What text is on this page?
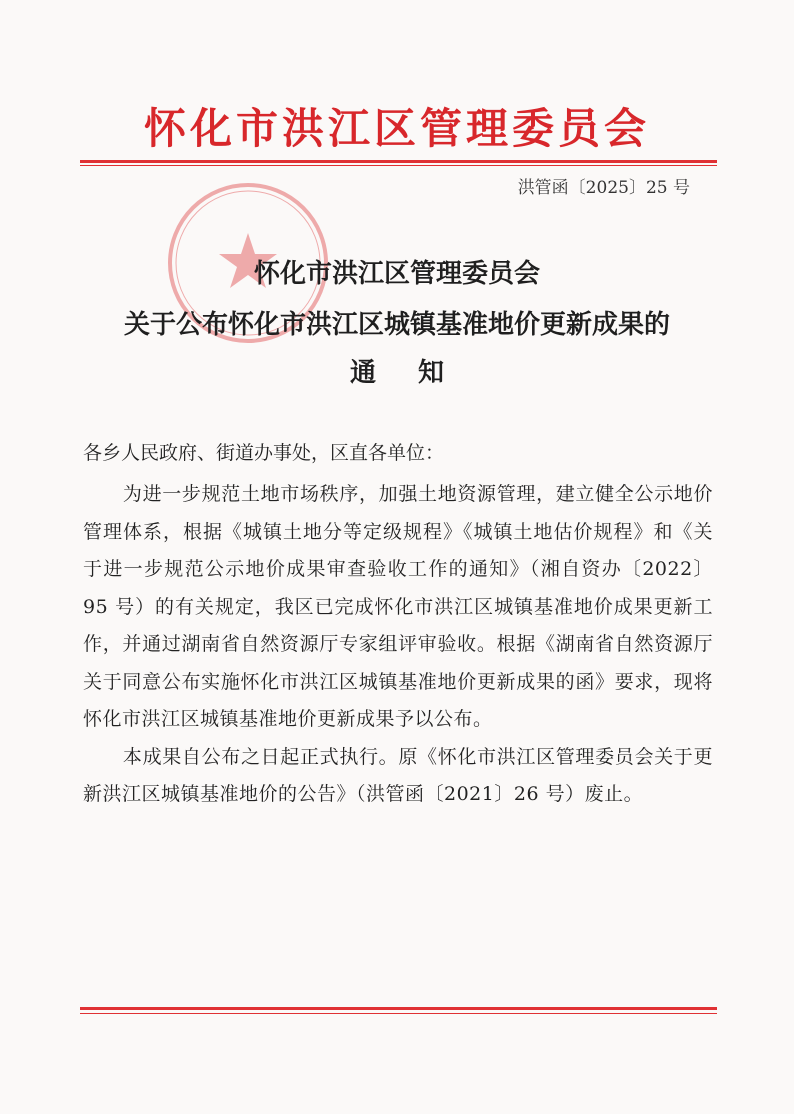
怀化市洪江区管理委员会
洪管函〔2025〕25 号
怀化市洪江区管理委员会
关于公布怀化市洪江区城镇基准地价更新成果的
通知
各乡人民政府、街道办事处，区直各单位：

为进一步规范土地市场秩序，加强土地资源管理，建立健全公示地价管理体系，根据《城镇土地分等定级规程》《城镇土地估价规程》和《关于进一步规范公示地价成果审查验收工作的通知》（湘自资办〔2022〕95 号）的有关规定，我区已完成怀化市洪江区城镇基准地价成果更新工作，并通过湖南省自然资源厅专家组评审验收。根据《湖南省自然资源厅关于同意公布实施怀化市洪江区城镇基准地价更新成果的函》要求，现将怀化市洪江区城镇基准地价更新成果予以公布。

本成果自公布之日起正式执行。原《怀化市洪江区管理委员会关于更新洪江区城镇基准地价的公告》（洪管函〔2021〕26 号）废止。
